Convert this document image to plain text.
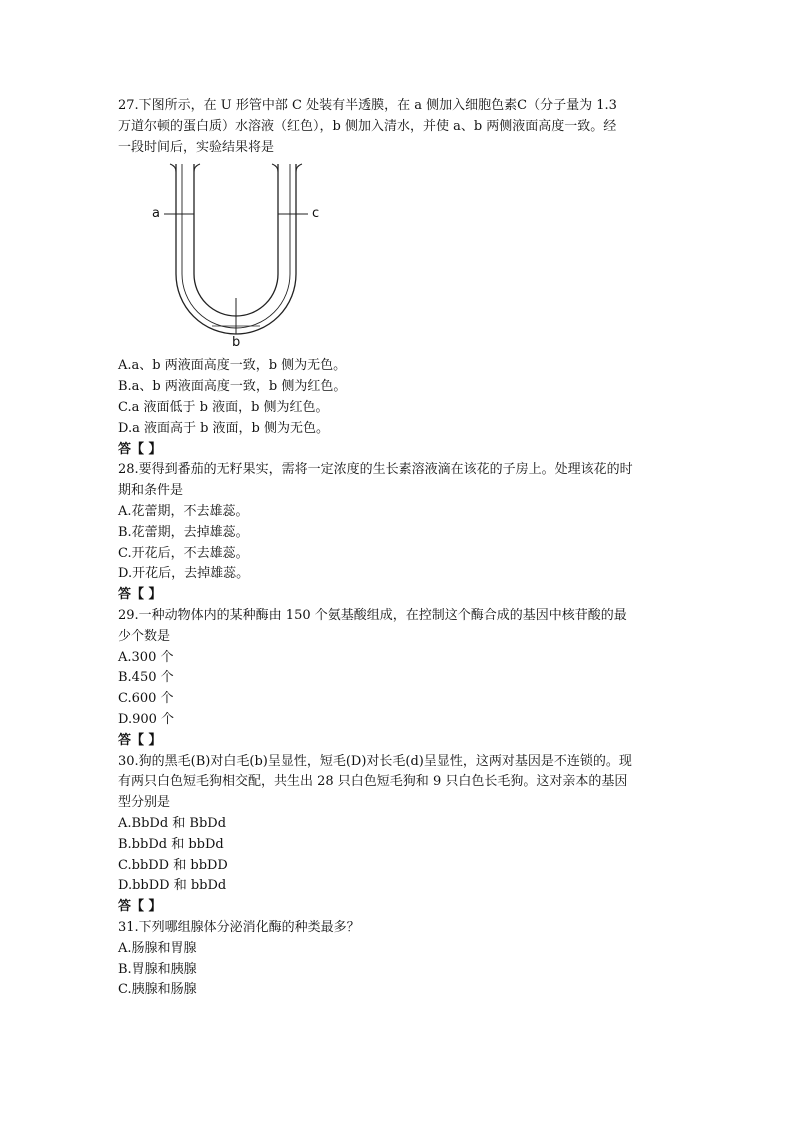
27.下图所示，在 U 形管中部 C 处装有半透膜，在 a 侧加入细胞色素C（分子量为 1.3
万道尔顿的蛋白质）水溶液（红色），b 侧加入清水，并使 a、b 两侧液面高度一致。经
一段时间后，实验结果将是
a	c
b
A.a、b 两液面高度一致，b 侧为无色。
B.a、b 两液面高度一致，b 侧为红色。
C.a 液面低于 b 液面，b 侧为红色。
D.a 液面高于 b 液面，b 侧为无色。
答【 】
28.要得到番茄的无籽果实，需将一定浓度的生长素溶液滴在该花的子房上。处理该花的时
期和条件是
A.花蕾期，不去雄蕊。
B.花蕾期，去掉雄蕊。
C.开花后，不去雄蕊。
D.开花后，去掉雄蕊。
答【 】
29.一种动物体内的某种酶由 150 个氨基酸组成，在控制这个酶合成的基因中核苷酸的最
少个数是
A.300 个
B.450 个
C.600 个
D.900 个
答【 】
30.狗的黑毛(B)对白毛(b)呈显性，短毛(D)对长毛(d)呈显性，这两对基因是不连锁的。现
有两只白色短毛狗相交配，共生出 28 只白色短毛狗和 9 只白色长毛狗。这对亲本的基因
型分别是
A.BbDd 和 BbDd
B.bbDd 和 bbDd
C.bbDD 和 bbDD
D.bbDD 和 bbDd
答【 】
31.下列哪组腺体分泌消化酶的种类最多？
A.肠腺和胃腺
B.胃腺和胰腺
C.胰腺和肠腺
